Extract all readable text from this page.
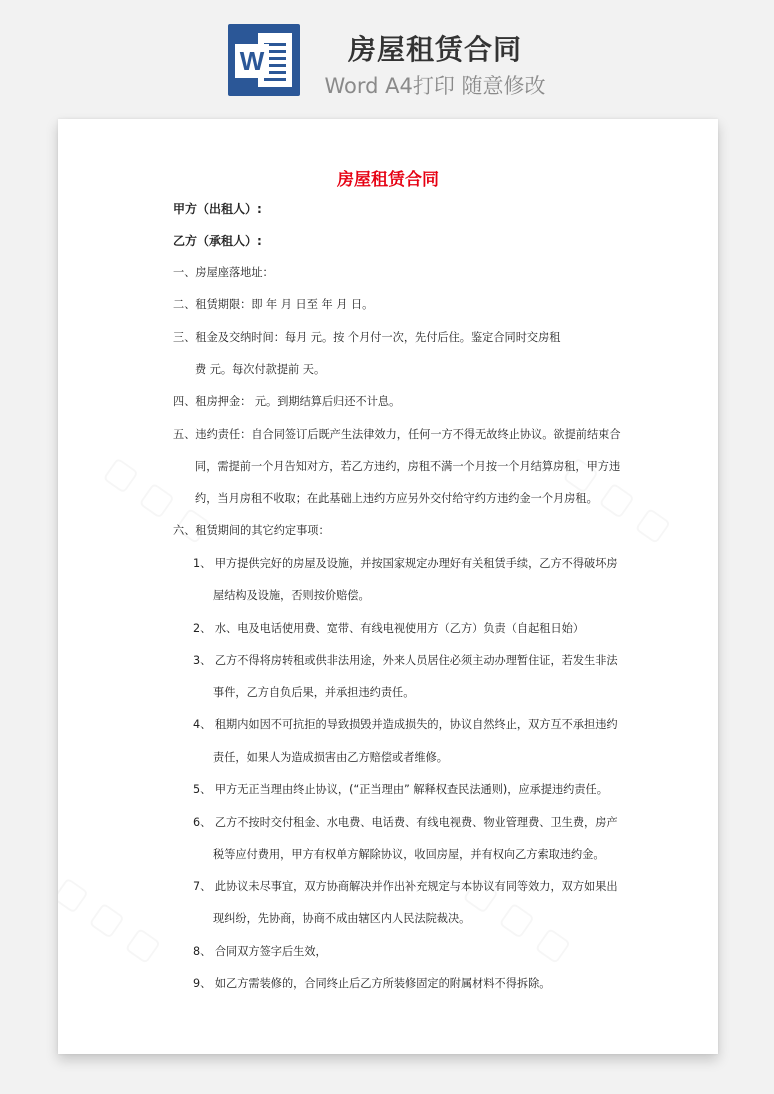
W	房屋租赁合同
Word A4打印 随意修改
房屋租赁合同
甲方（出租人）:
乙方（承租人）:
一、房屋座落地址：
二、租赁期限：即 年 月 日至 年 月 日。
三、租金及交纳时间：每月 元。按 个月付一次，先付后住。鉴定合同时交房租
费 元。每次付款提前 天。
四、租房押金： 元。到期结算后归还不计息。
五、违约责任：自合同签订后既产生法律效力，任何一方不得无故终止协议。欲提前结束合
同，需提前一个月告知对方，若乙方违约，房租不满一个月按一个月结算房租，甲方违
约，当月房租不收取；在此基础上违约方应另外交付给守约方违约金一个月房租。
六、租赁期间的其它约定事项：
1、 甲方提供完好的房屋及设施，并按国家规定办理好有关租赁手续，乙方不得破坏房
屋结构及设施，否则按价赔偿。
2、 水、电及电话使用费、宽带、有线电视使用方（乙方）负责（自起租日始）
3、 乙方不得将房转租或供非法用途，外来人员居住必须主动办理暂住证，若发生非法
事件，乙方自负后果，并承担违约责任。
4、 租期内如因不可抗拒的导致损毁并造成损失的，协议自然终止，双方互不承担违约
责任，如果人为造成损害由乙方赔偿或者维修。
5、 甲方无正当理由终止协议，(“正当理由” 解释权查民法通则)，应承提违约责任。
6、 乙方不按时交付租金、水电费、电话费、有线电视费、物业管理费、卫生费，房产
税等应付费用，甲方有权单方解除协议，收回房屋，并有权向乙方索取违约金。
7、 此协议未尽事宜，双方协商解决并作出补充规定与本协议有同等效力，双方如果出
现纠纷，先协商，协商不成由辖区内人民法院裁决。
8、 合同双方签字后生效，
9、 如乙方需装修的，合同终止后乙方所装修固定的附属材料不得拆除。
